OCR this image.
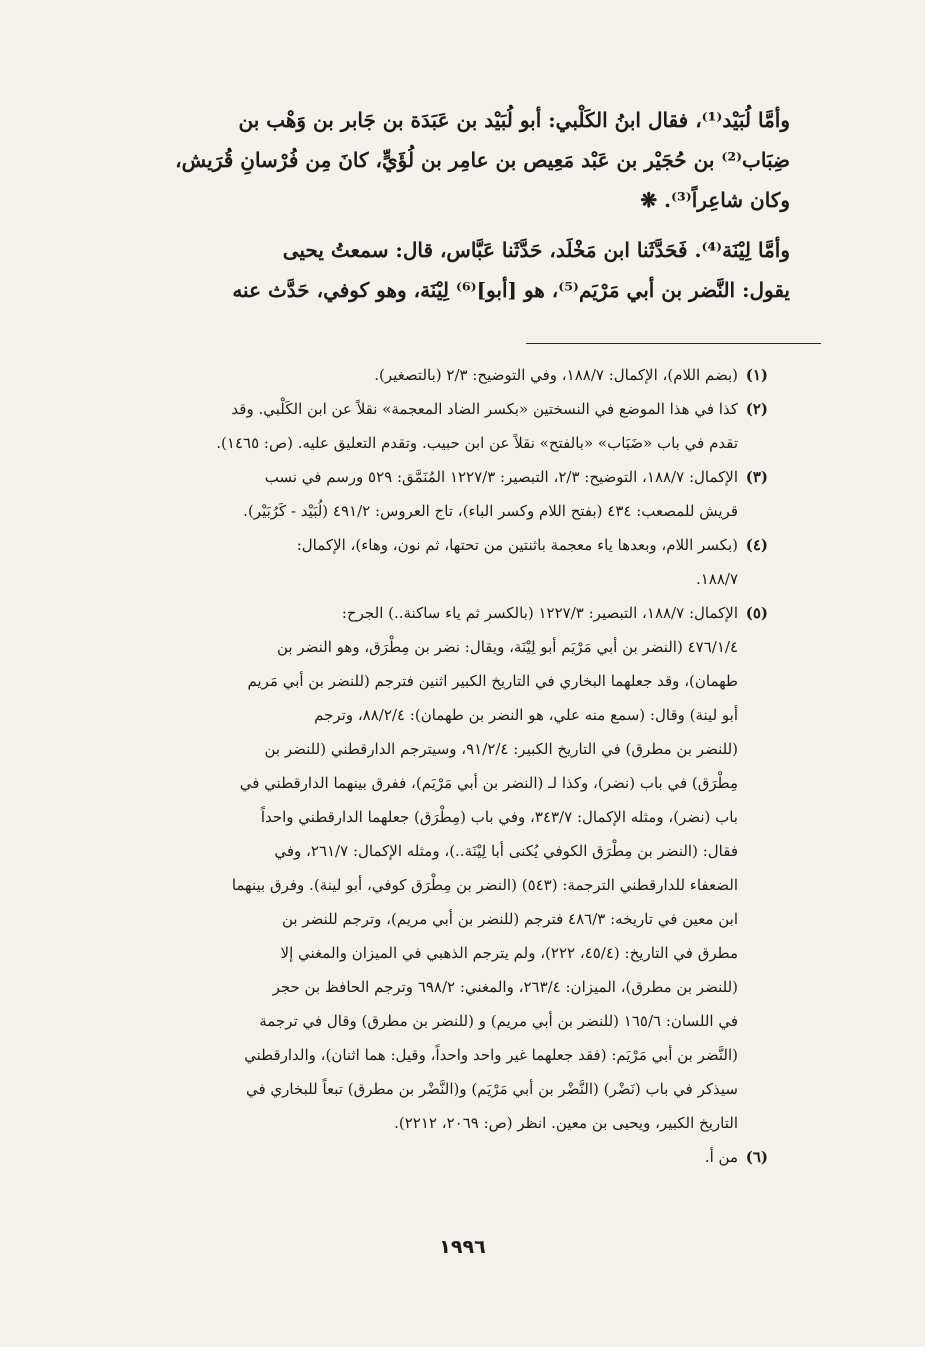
وأمَّا لُبَيْد⁽¹⁾، فقال ابنُ الكَلْبي: أبو لُبَيْد بن عَبَدَة بن جَابر بن وَهْب بن
ضِبَاب⁽²⁾ بن حُجَيْر بن عَبْد مَعِيص بن عامِر بن لُؤَيٍّ، كانَ مِن فُرْسانِ قُرَيش،
وكان شاعِراً⁽³⁾. ❋

وأمَّا لِيْنَة⁽⁴⁾. فَحَدَّثَنا ابن مَخْلَد، حَدَّثَنا عَبَّاس، قال: سمعتُ يحيى
يقول: النَّضر بن أبي مَرْيَم⁽⁵⁾، هو [أبو]⁽⁶⁾ لِيْنَة، وهو كوفي، حَدَّث عنه

(١)
(بضم اللام)، الإكمال: ١٨٨/٧، وفي التوضيح: ٢/٣ (بالتصغير).
(٢)
كذا في هذا الموضع في النسختين «بكسر الضاد المعجمة» نقلاً عن ابن الكَلْبي. وقد
تقدم في باب «ضَبَاب» «بالفتح» نقلاً عن ابن حبيب. وتقدم التعليق عليه. (ص: ١٤٦٥).
(٣)
الإكمال: ١٨٨/٧، التوضيح: ٢/٣، التبصير: ١٢٢٧/٣ المُنَمَّق: ٥٢٩ ورسم في نسب
قريش للمصعب: ٤٣٤ (بفتح اللام وكسر الباء)، تاج العروس: ٤٩١/٢ (لُبَيْد - كَرُبَيْر).
(٤)
(بكسر اللام، وبعدها ياء معجمة باثنتين من تحتها، ثم نون، وهاء)، الإكمال:
١٨٨/٧.
(٥)
الإكمال: ١٨٨/٧، التبصير: ١٢٢٧/٣ (بالكسر ثم ياء ساكنة..) الجرح:
٤٧٦/١/٤ (النضر بن أبي مَرْيَم أبو لِيْنَة، ويقال: نضر بن مِطْرَق، وهو النضر بن
طهمان)، وقد جعلهما البخاري في التاريخ الكبير اثنين فترجم (للنضر بن أبي مَريم
أبو لينة) وقال: (سمع منه علي، هو النضر بن طهمان): ٨٨/٢/٤، وترجم
(للنضر بن مطرق) في التاريخ الكبير: ٩١/٢/٤، وسيترجم الدارقطني (للنضر بن
مِطْرَق) في باب (نضر)، وكذا لـ (النضر بن أبي مَرْيَم)، ففرق بينهما الدارقطني في
باب (نضر)، ومثله الإكمال: ٣٤٣/٧، وفي باب (مِطْرَق) جعلهما الدارقطني واحداً
فقال: (النضر بن مِطْرَق الكوفي يُكنى أبا لِيْنَة..)، ومثله الإكمال: ٢٦١/٧، وفي
الضعفاء للدارقطني الترجمة: (٥٤٣) (النضر بن مِطْرَق كوفي، أبو لينة). وفرق بينهما
ابن معين في تاريخه: ٤٨٦/٣ فترجم (للنضر بن أبي مريم)، وترجم للنضر بن
مطرق في التاريخ: (٤٥/٤، ٢٢٢)، ولم يترجم الذهبي في الميزان والمغني إلا
(للنضر بن مطرق)، الميزان: ٢٦٣/٤، والمغني: ٦٩٨/٢ وترجم الحافظ بن حجر
في اللسان: ١٦٥/٦ (للنضر بن أبي مريم) و (للنضر بن مطرق) وقال في ترجمة
(النَّضر بن أبي مَرْيَم: (فقد جعلهما غير واحد واحداً، وقيل: هما اثنان)، والدارقطني
سيذكر في باب (نَضْر) (النَّضْر بن أبي مَرْيَم) و(النَّضْر بن مطرق) تبعاً للبخاري في
التاريخ الكبير، ويحيى بن معين. انظر (ص: ٢٠٦٩، ٢٢١٢).
(٦)
من أ.
١٩٩٦
